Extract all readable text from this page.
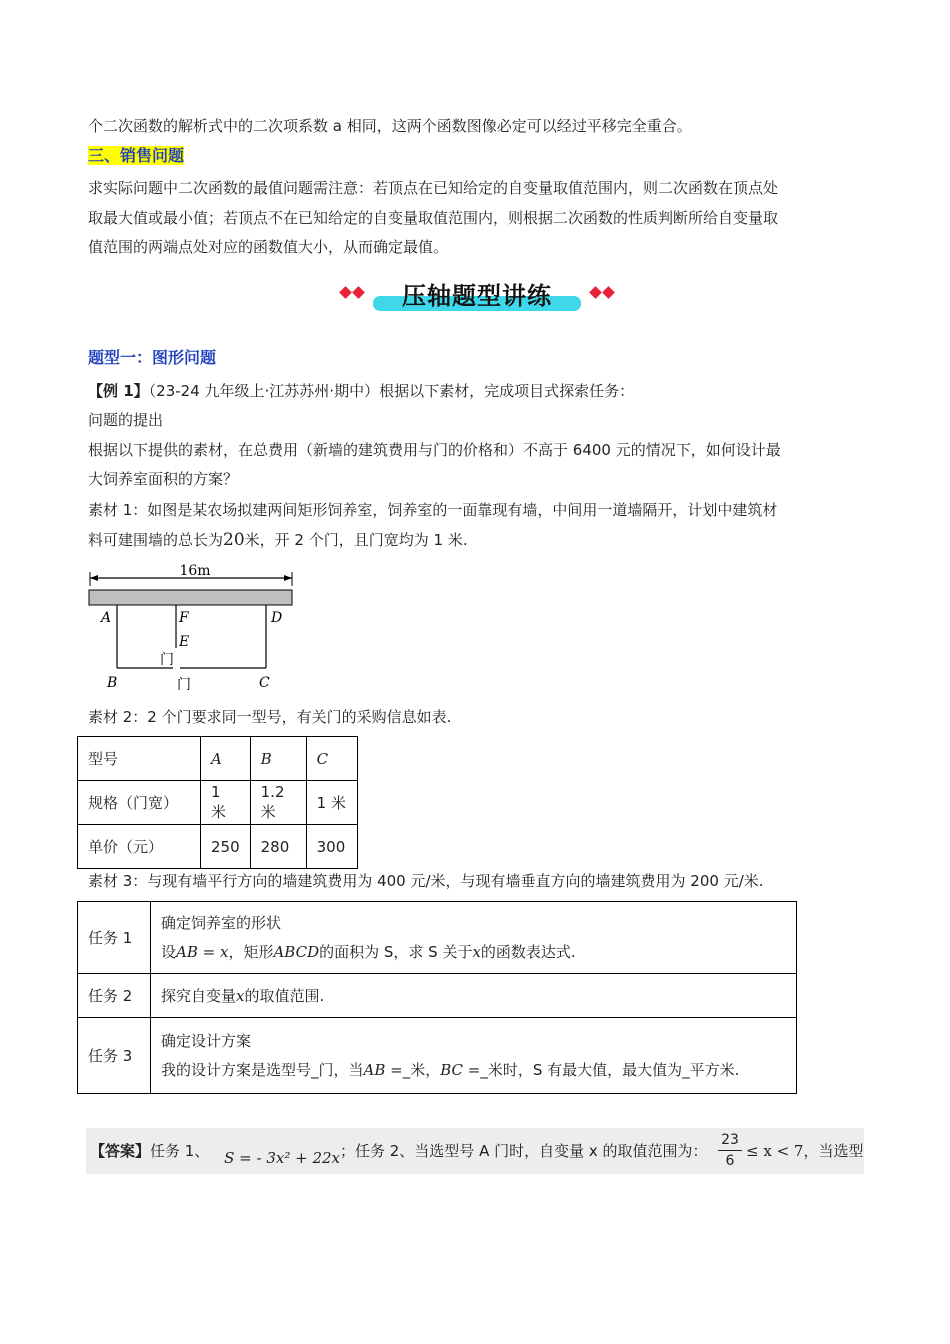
个二次函数的解析式中的二次项系数 a 相同，这两个函数图像必定可以经过平移完全重合。
三、销售问题
求实际问题中二次函数的最值问题需注意：若顶点在已知给定的自变量取值范围内，则二次函数在顶点处
取最大值或最小值；若顶点不在已知给定的自变量取值范围内，则根据二次函数的性质判断所给自变量取
值范围的两端点处对应的函数值大小，从而确定最值。
压轴题型讲练
题型一：图形问题
【例 1】（23-24 九年级上·江苏苏州·期中）根据以下素材，完成项目式探索任务：
问题的提出
根据以下提供的素材，在总费用（新墙的建筑费用与门的价格和）不高于 6400 元的情况下，如何设计最
大饲养室面积的方案？
素材 1：如图是某农场拟建两间矩形饲养室，饲养室的一面靠现有墙，中间用一道墙隔开，计划中建筑材
料可建围墙的总长为20米，开 2 个门，且门宽均为 1 米.
16m
A	F
E
D
B	C
门
门
素材 2：2 个门要求同一型号，有关门的采购信息如表.
型号	A	B	C
规格（门宽）	1 米	1.2 米	1 米
单价（元）	250	280	300
素材 3：与现有墙平行方向的墙建筑费用为 400 元/米，与现有墙垂直方向的墙建筑费用为 200 元/米.
任务 1	确定饲养室的形状
设AB = x，矩形ABCD的面积为 S，求 S 关于x的函数表达式.

任务 2	探究自变量x的取值范围.
任务 3	确定设计方案
我的设计方案是选型号_门，当AB =_米，BC =_米时，S 有最大值，最大值为_平方米.
【答案】任务 1、 S = - 3x² + 22x；任务 2、当选型号 A 门时，自变量 x 的取值范围为： $\frac{23}{6} \le x < 7$，当选型
